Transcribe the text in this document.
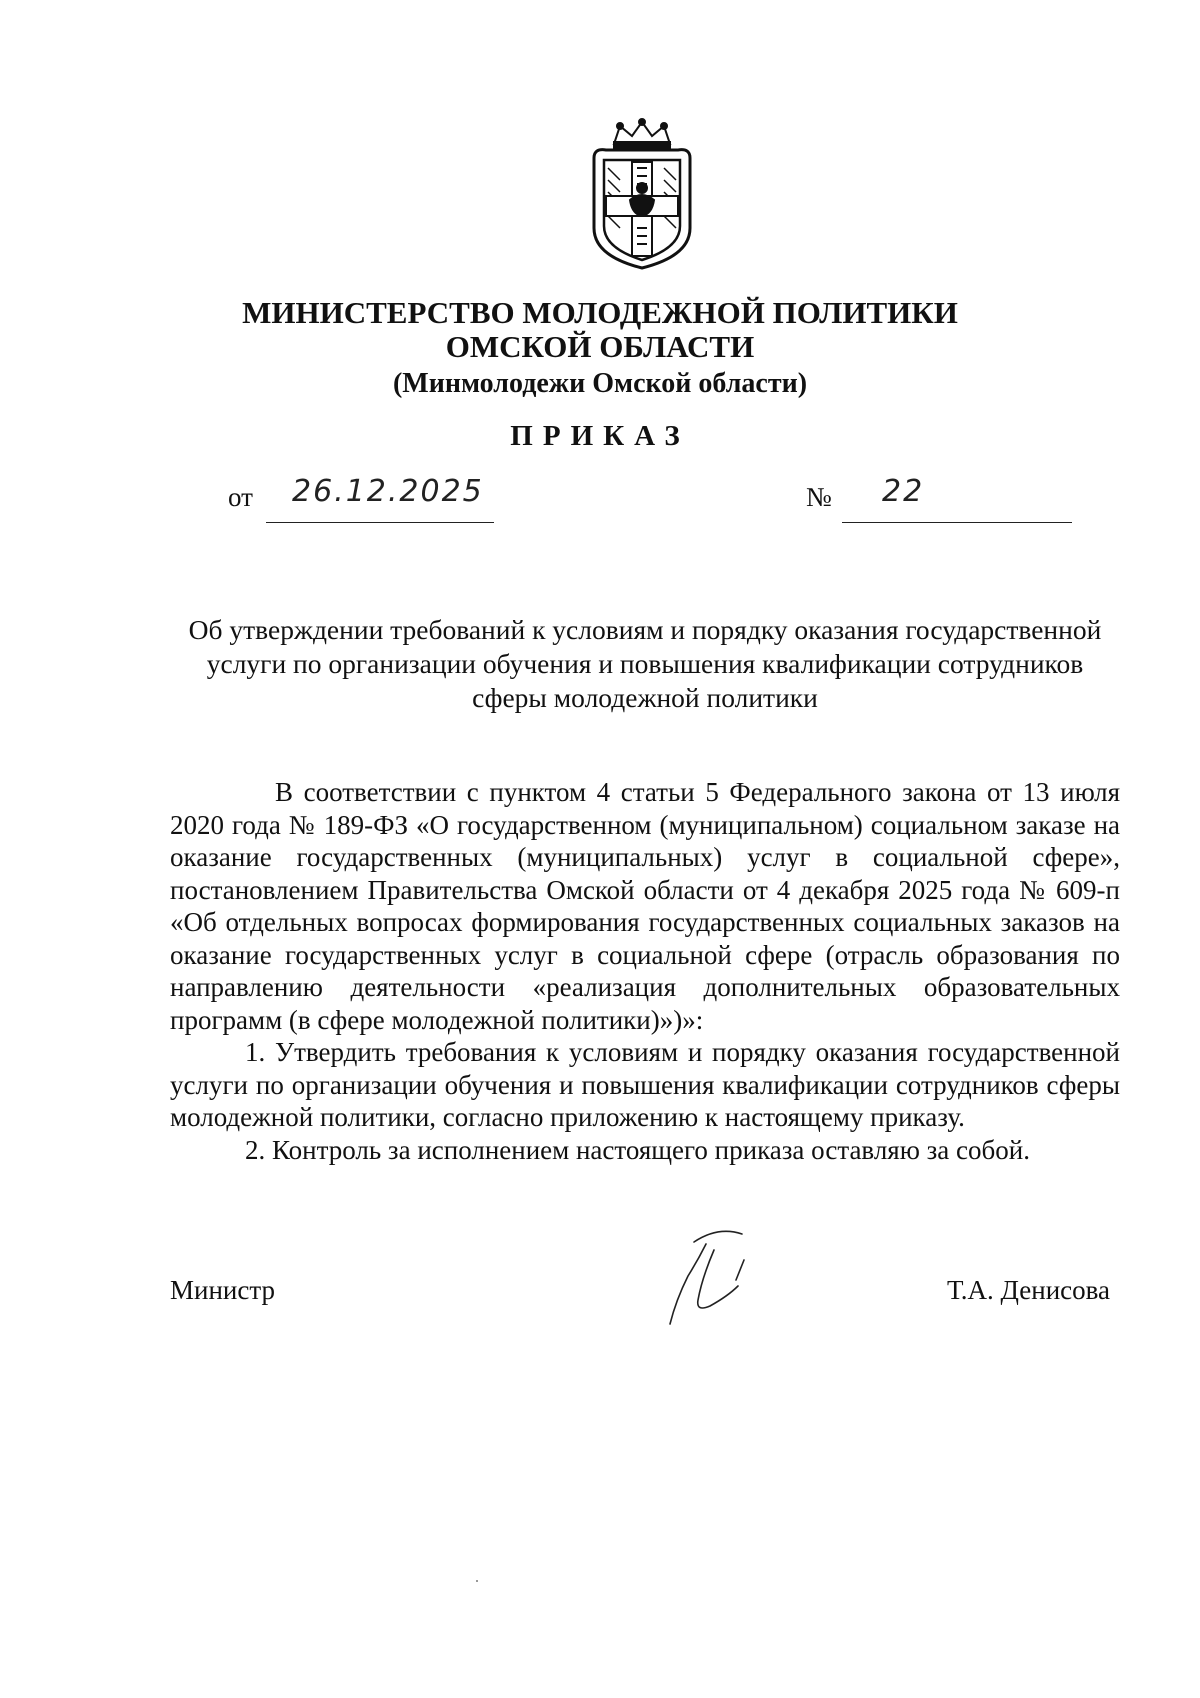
МИНИСТЕРСТВО МОЛОДЕЖНОЙ ПОЛИТИКИ
ОМСКОЙ ОБЛАСТИ
(Минмолодежи Омской области)
ПРИКАЗ
от 26.12.2025	№ 22
Об утверждении требований к условиям и порядку оказания государственной
услуги по организации обучения и повышения квалификации сотрудников
сферы молодежной политики

В соответствии с пунктом 4 статьи 5 Федерального закона от 13 июля 2020 года № 189-ФЗ «О государственном (муниципальном) социальном заказе на оказание государственных (муниципальных) услуг в социальной сфере», постановлением Правительства Омской области от 4 декабря 2025 года № 609-п «Об отдельных вопросах формирования государственных социальных заказов на оказание государственных услуг в социальной сфере (отрасль образования по направлению деятельности «реализация дополнительных образовательных программ (в сфере молодежной политики)»)»:

1. Утвердить требования к условиям и порядку оказания государственной услуги по организации обучения и повышения квалификации сотрудников сферы молодежной политики, согласно приложению к настоящему приказу.

2. Контроль за исполнением настоящего приказа оставляю за собой.

Министр	Т.А. Денисова
